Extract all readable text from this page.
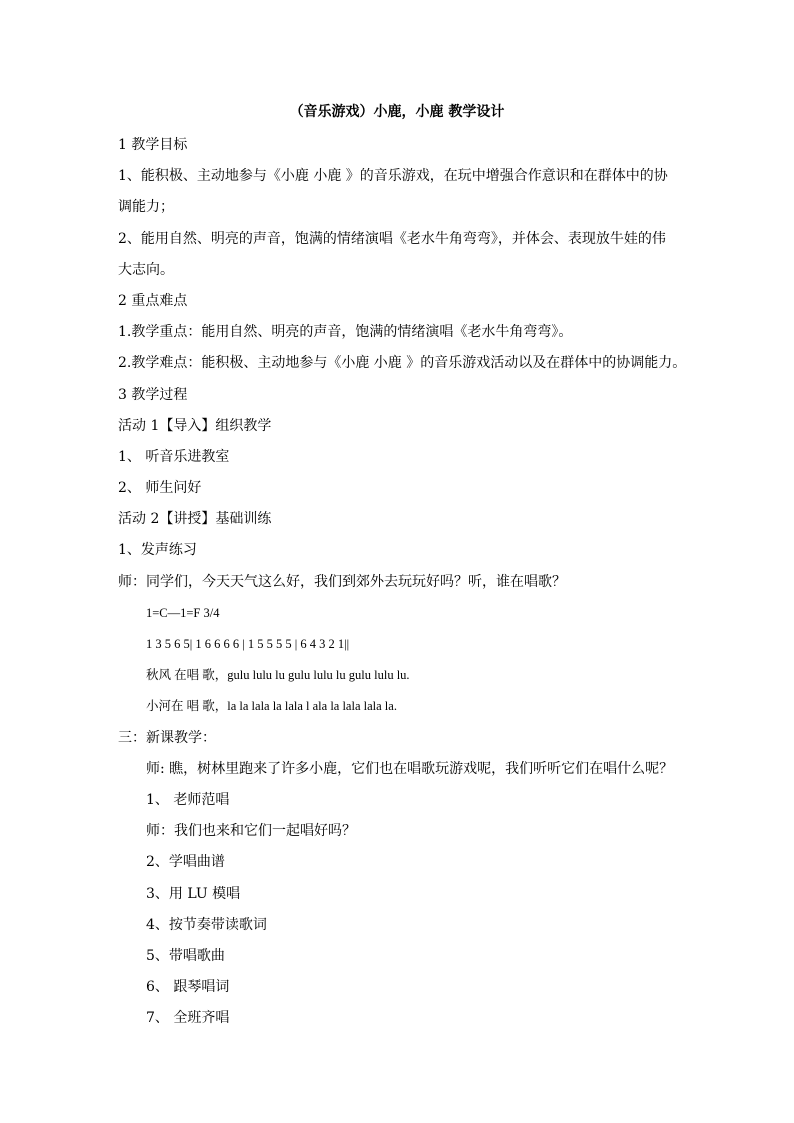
（音乐游戏）小鹿，小鹿 教学设计
1 教学目标
1、能积极、主动地参与《小鹿 小鹿 》的音乐游戏，在玩中增强合作意识和在群体中的协
调能力；
2、能用自然、明亮的声音，饱满的情绪演唱《老水牛角弯弯》，并体会、表现放牛娃的伟
大志向。
2 重点难点
1.教学重点：能用自然、明亮的声音，饱满的情绪演唱《老水牛角弯弯》。
2.教学难点：能积极、主动地参与《小鹿 小鹿 》的音乐游戏活动以及在群体中的协调能力。
3 教学过程
活动 1【导入】组织教学
1、 听音乐进教室
2、 师生问好
活动 2【讲授】基础训练
1、发声练习
师：同学们，今天天气这么好，我们到郊外去玩玩好吗？听，谁在唱歌？
1=C—1=F 3/4
1 3 5 6 5| 1 6 6 6 6 | 1 5 5 5 5 | 6 4 3 2 1||
秋风 在唱 歌，gulu lulu lu gulu lulu lu gulu lulu lu.
小河在 唱 歌，la la lala la lala l ala la lala lala la.
三：新课教学：
师: 瞧，树林里跑来了许多小鹿，它们也在唱歌玩游戏呢，我们听听它们在唱什么呢？
1、 老师范唱
师：我们也来和它们一起唱好吗？
2、学唱曲谱
3、用 LU 模唱
4、按节奏带读歌词
5、带唱歌曲
6、 跟琴唱词
7、 全班齐唱
